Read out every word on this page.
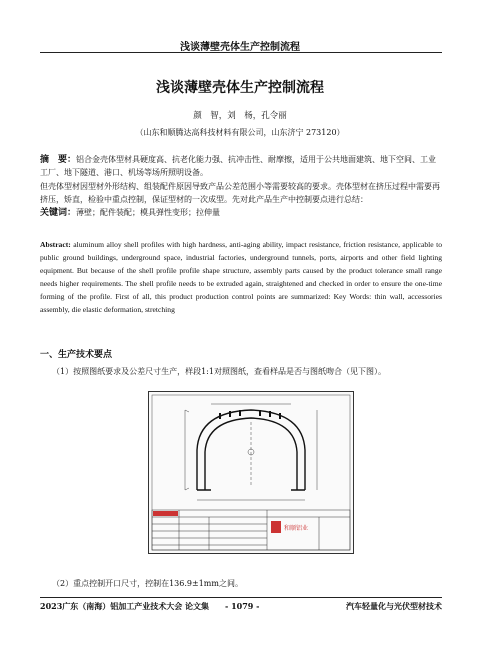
浅谈薄壁壳体生产控制流程
浅谈薄壁壳体生产控制流程
颜　智，刘　杨，孔令丽
（山东和顺腾达高科技材料有限公司，山东济宁 273120）
摘　要：铝合金壳体型材具硬度高、抗老化能力强、抗冲击性、耐摩擦，适用于公共地面建筑、地下空间、工业工厂、地下隧道、港口、机场等场所照明设备。
但壳体型材因型材外形结构、组装配件原因导致产品公差范围小等需要较高的要求。壳体型材在挤压过程中需要再挤压，矫直，检验中重点控制，保证型材的一次成型。先对此产品生产中控制要点进行总结：
关键词：薄壁；配件装配；模具弹性变形；拉伸量
Abstract: aluminum alloy shell profiles with high hardness, anti-aging ability, impact resistance, friction resistance, applicable to public ground buildings, underground space, industrial factories, underground tunnels, ports, airports and other field lighting equipment. But because of the shell profile profile shape structure, assembly parts caused by the product tolerance small range needs higher requirements. The shell profile needs to be extruded again, straightened and checked in order to ensure the one-time forming of the profile. First of all, this product production control points are summarized: Key Words: thin wall, accessories assembly, die elastic deformation, stretching
一、生产技术要点
（1）按照图纸要求及公差尺寸生产，样段1:1对照图纸，查看样品是否与图纸吻合（见下图）。
和顺铝业
（2）重点控制开口尺寸，控制在136.9±1mm之间。
2023广东（南海）铝加工产业技术大会 论文集 - 1079 -	汽车轻量化与光伏型材技术
